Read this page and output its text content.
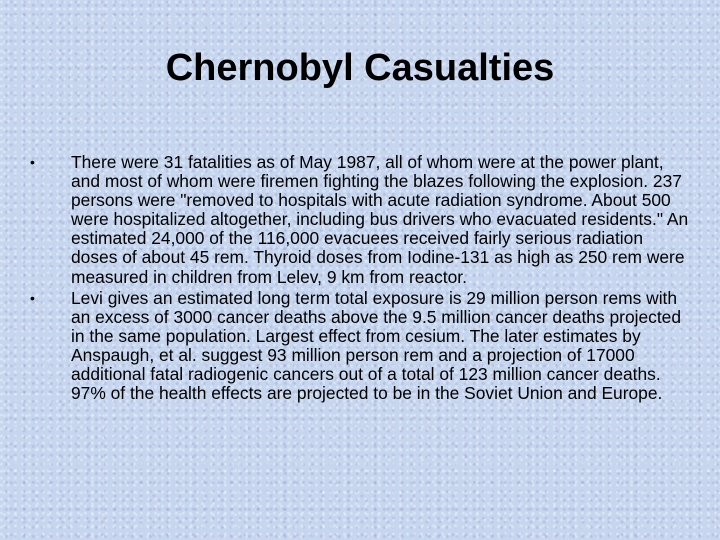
Chernobyl Casualties
•	There were 31 fatalities as of May 1987, all of whom were at the power plant, and most of whom were firemen fighting the blazes following the explosion. 237 persons were "removed to hospitals with acute radiation syndrome. About 500 were hospitalized altogether, including bus drivers who evacuated residents." An estimated 24,000 of the 116,000 evacuees received fairly serious radiation doses of about 45 rem. Thyroid doses from Iodine-131 as high as 250 rem were measured in children from Lelev, 9 km from reactor.
•	Levi gives an estimated long term total exposure is 29 million person rems with an excess of 3000 cancer deaths above the 9.5 million cancer deaths projected in the same population. Largest effect from cesium. The later estimates by Anspaugh, et al. suggest 93 million person rem and a projection of 17000 additional fatal radiogenic cancers out of a total of 123 million cancer deaths. 97% of the health effects are projected to be in the Soviet Union and Europe.
